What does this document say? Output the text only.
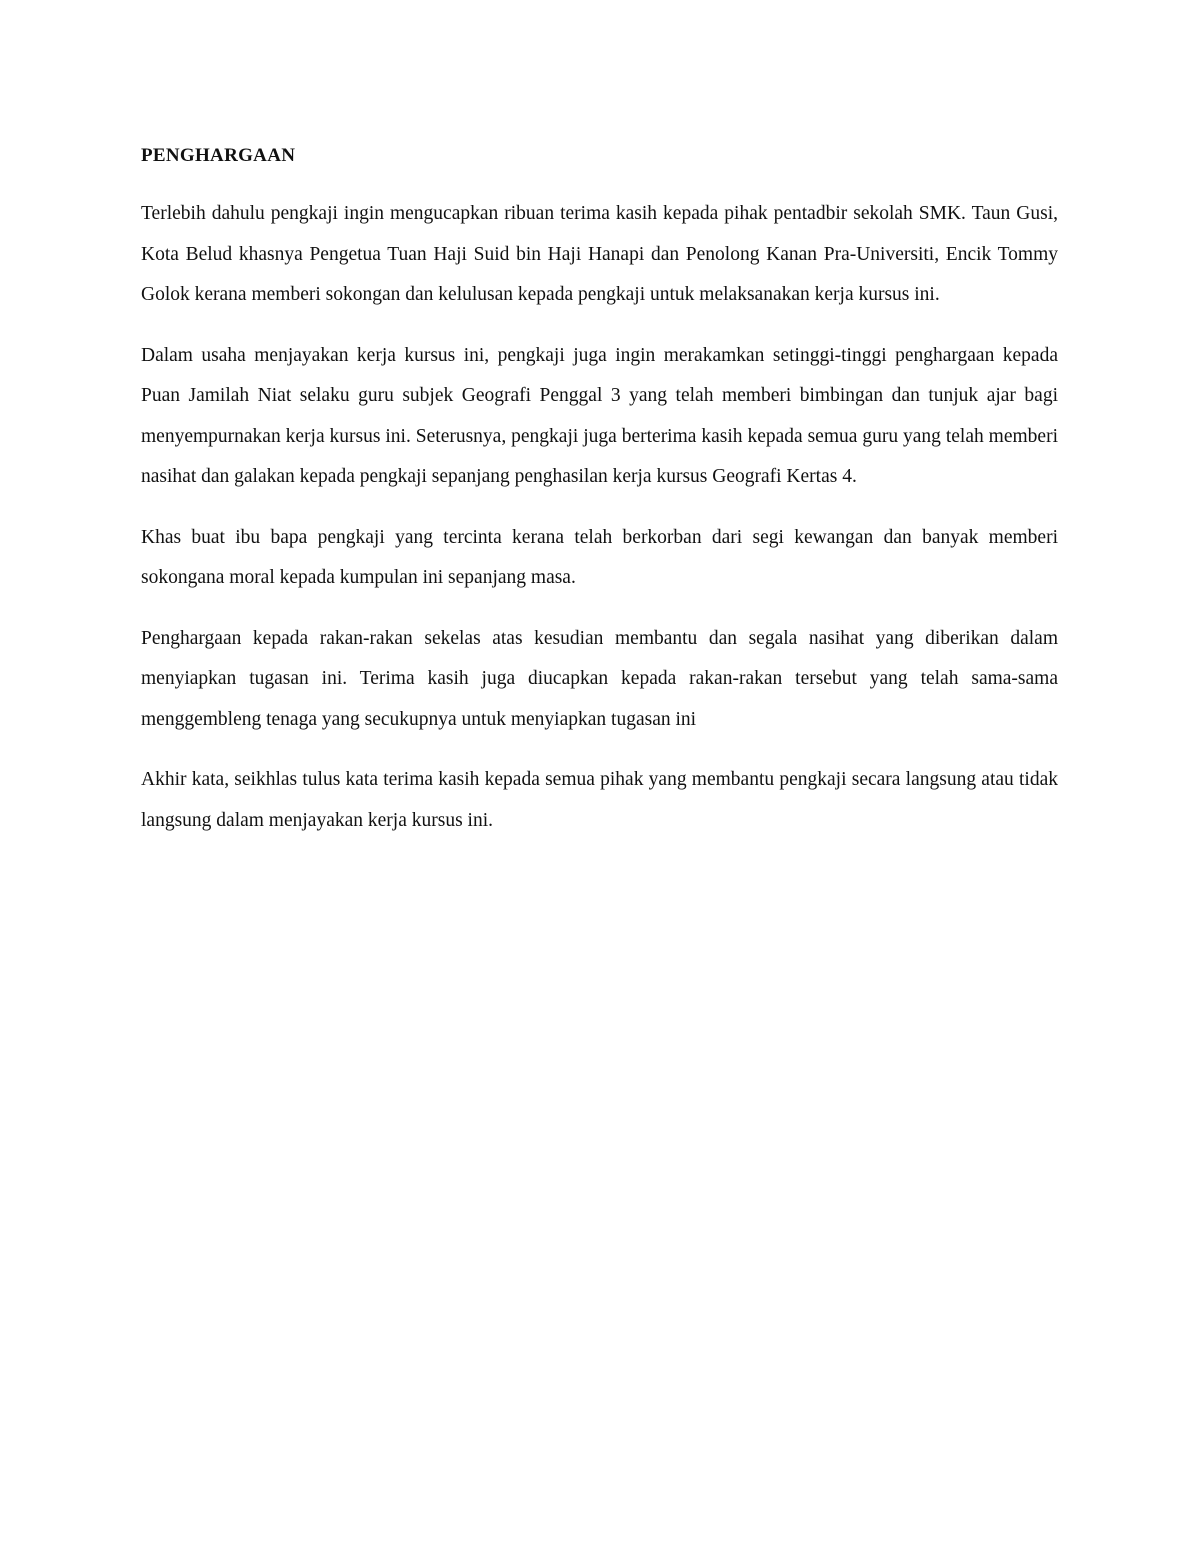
PENGHARGAAN

Terlebih dahulu pengkaji ingin mengucapkan ribuan terima kasih kepada pihak pentadbir sekolah SMK. Taun Gusi, Kota Belud khasnya Pengetua Tuan Haji Suid bin Haji Hanapi dan Penolong Kanan Pra-Universiti, Encik Tommy Golok kerana memberi sokongan dan kelulusan kepada pengkaji untuk melaksanakan kerja kursus ini.

Dalam usaha menjayakan kerja kursus ini, pengkaji juga ingin merakamkan setinggi-tinggi penghargaan kepada Puan Jamilah Niat selaku guru subjek Geografi Penggal 3 yang telah memberi bimbingan dan tunjuk ajar bagi menyempurnakan kerja kursus ini. Seterusnya, pengkaji juga berterima kasih kepada semua guru yang telah memberi nasihat dan galakan kepada pengkaji sepanjang penghasilan kerja kursus Geografi Kertas 4.

Khas buat ibu bapa pengkaji yang tercinta kerana telah berkorban dari segi kewangan dan banyak memberi sokongana moral kepada kumpulan ini sepanjang masa.

Penghargaan kepada rakan-rakan sekelas atas kesudian membantu dan segala nasihat yang diberikan dalam menyiapkan tugasan ini. Terima kasih juga diucapkan kepada rakan-rakan tersebut yang telah sama-sama menggembleng tenaga yang secukupnya untuk menyiapkan tugasan ini

Akhir kata, seikhlas tulus kata terima kasih kepada semua pihak yang membantu pengkaji secara langsung atau tidak langsung dalam menjayakan kerja kursus ini.
